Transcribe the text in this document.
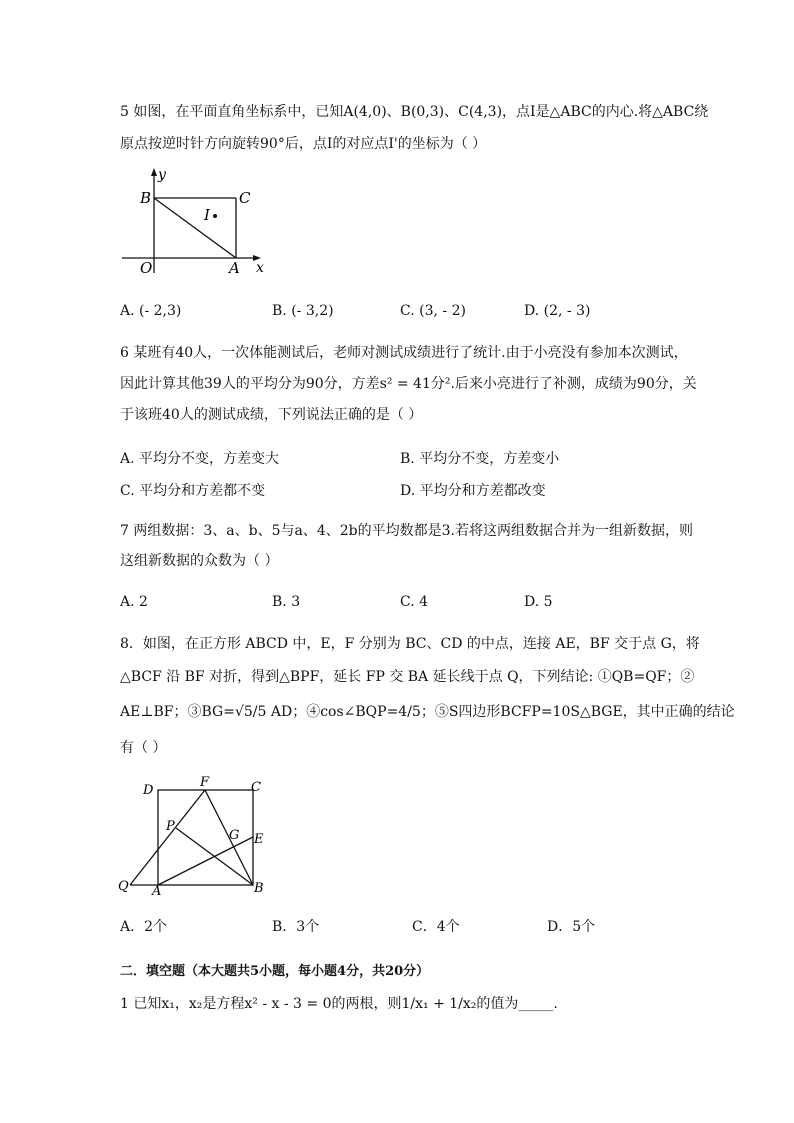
5 如图，在平面直角坐标系中，已知A(4,0)、B(0,3)、C(4,3)，点I是△ABC的内心.将△ABC绕
原点按逆时针方向旋转90°后，点I的对应点I'的坐标为（ ）
y
B	C
I
O	A x
A. (- 2,3)	B. (- 3,2)	C. (3, - 2)	D. (2, - 3)
6 某班有40人，一次体能测试后，老师对测试成绩进行了统计.由于小亮没有参加本次测试，
因此计算其他39人的平均分为90分，方差s² = 41分².后来小亮进行了补测，成绩为90分，关
于该班40人的测试成绩，下列说法正确的是（ ）
A. 平均分不变，方差变大	B. 平均分不变，方差变小
C. 平均分和方差都不变	D. 平均分和方差都改变
7 两组数据：3、a、b、5与a、4、2b的平均数都是3.若将这两组数据合并为一组新数据，则
这组新数据的众数为（ ）
A. 2	B. 3	C. 4	D. 5
8．如图，在正方形 ABCD 中，E，F 分别为 BC、CD 的中点，连接 AE，BF 交于点 G，将
△BCF 沿 BF 对折，得到△BPF，延长 FP 交 BA 延长线于点 Q，下列结论: ①QB=QF；②
AE⊥BF；③BG=√5/5 AD；④cos∠BQP=4/5；⑤S四边形BCFP=10S△BGE，其中正确的结论
有（ ）
D
F	C
P
G E
Q A	B
A．2个	B．3个	C．4个	D．5个
二．填空题（本大题共5小题，每小题4分，共20分）
1 已知x₁，x₂是方程x² - x - 3 = 0的两根，则1/x₁ + 1/x₂的值为_____.
